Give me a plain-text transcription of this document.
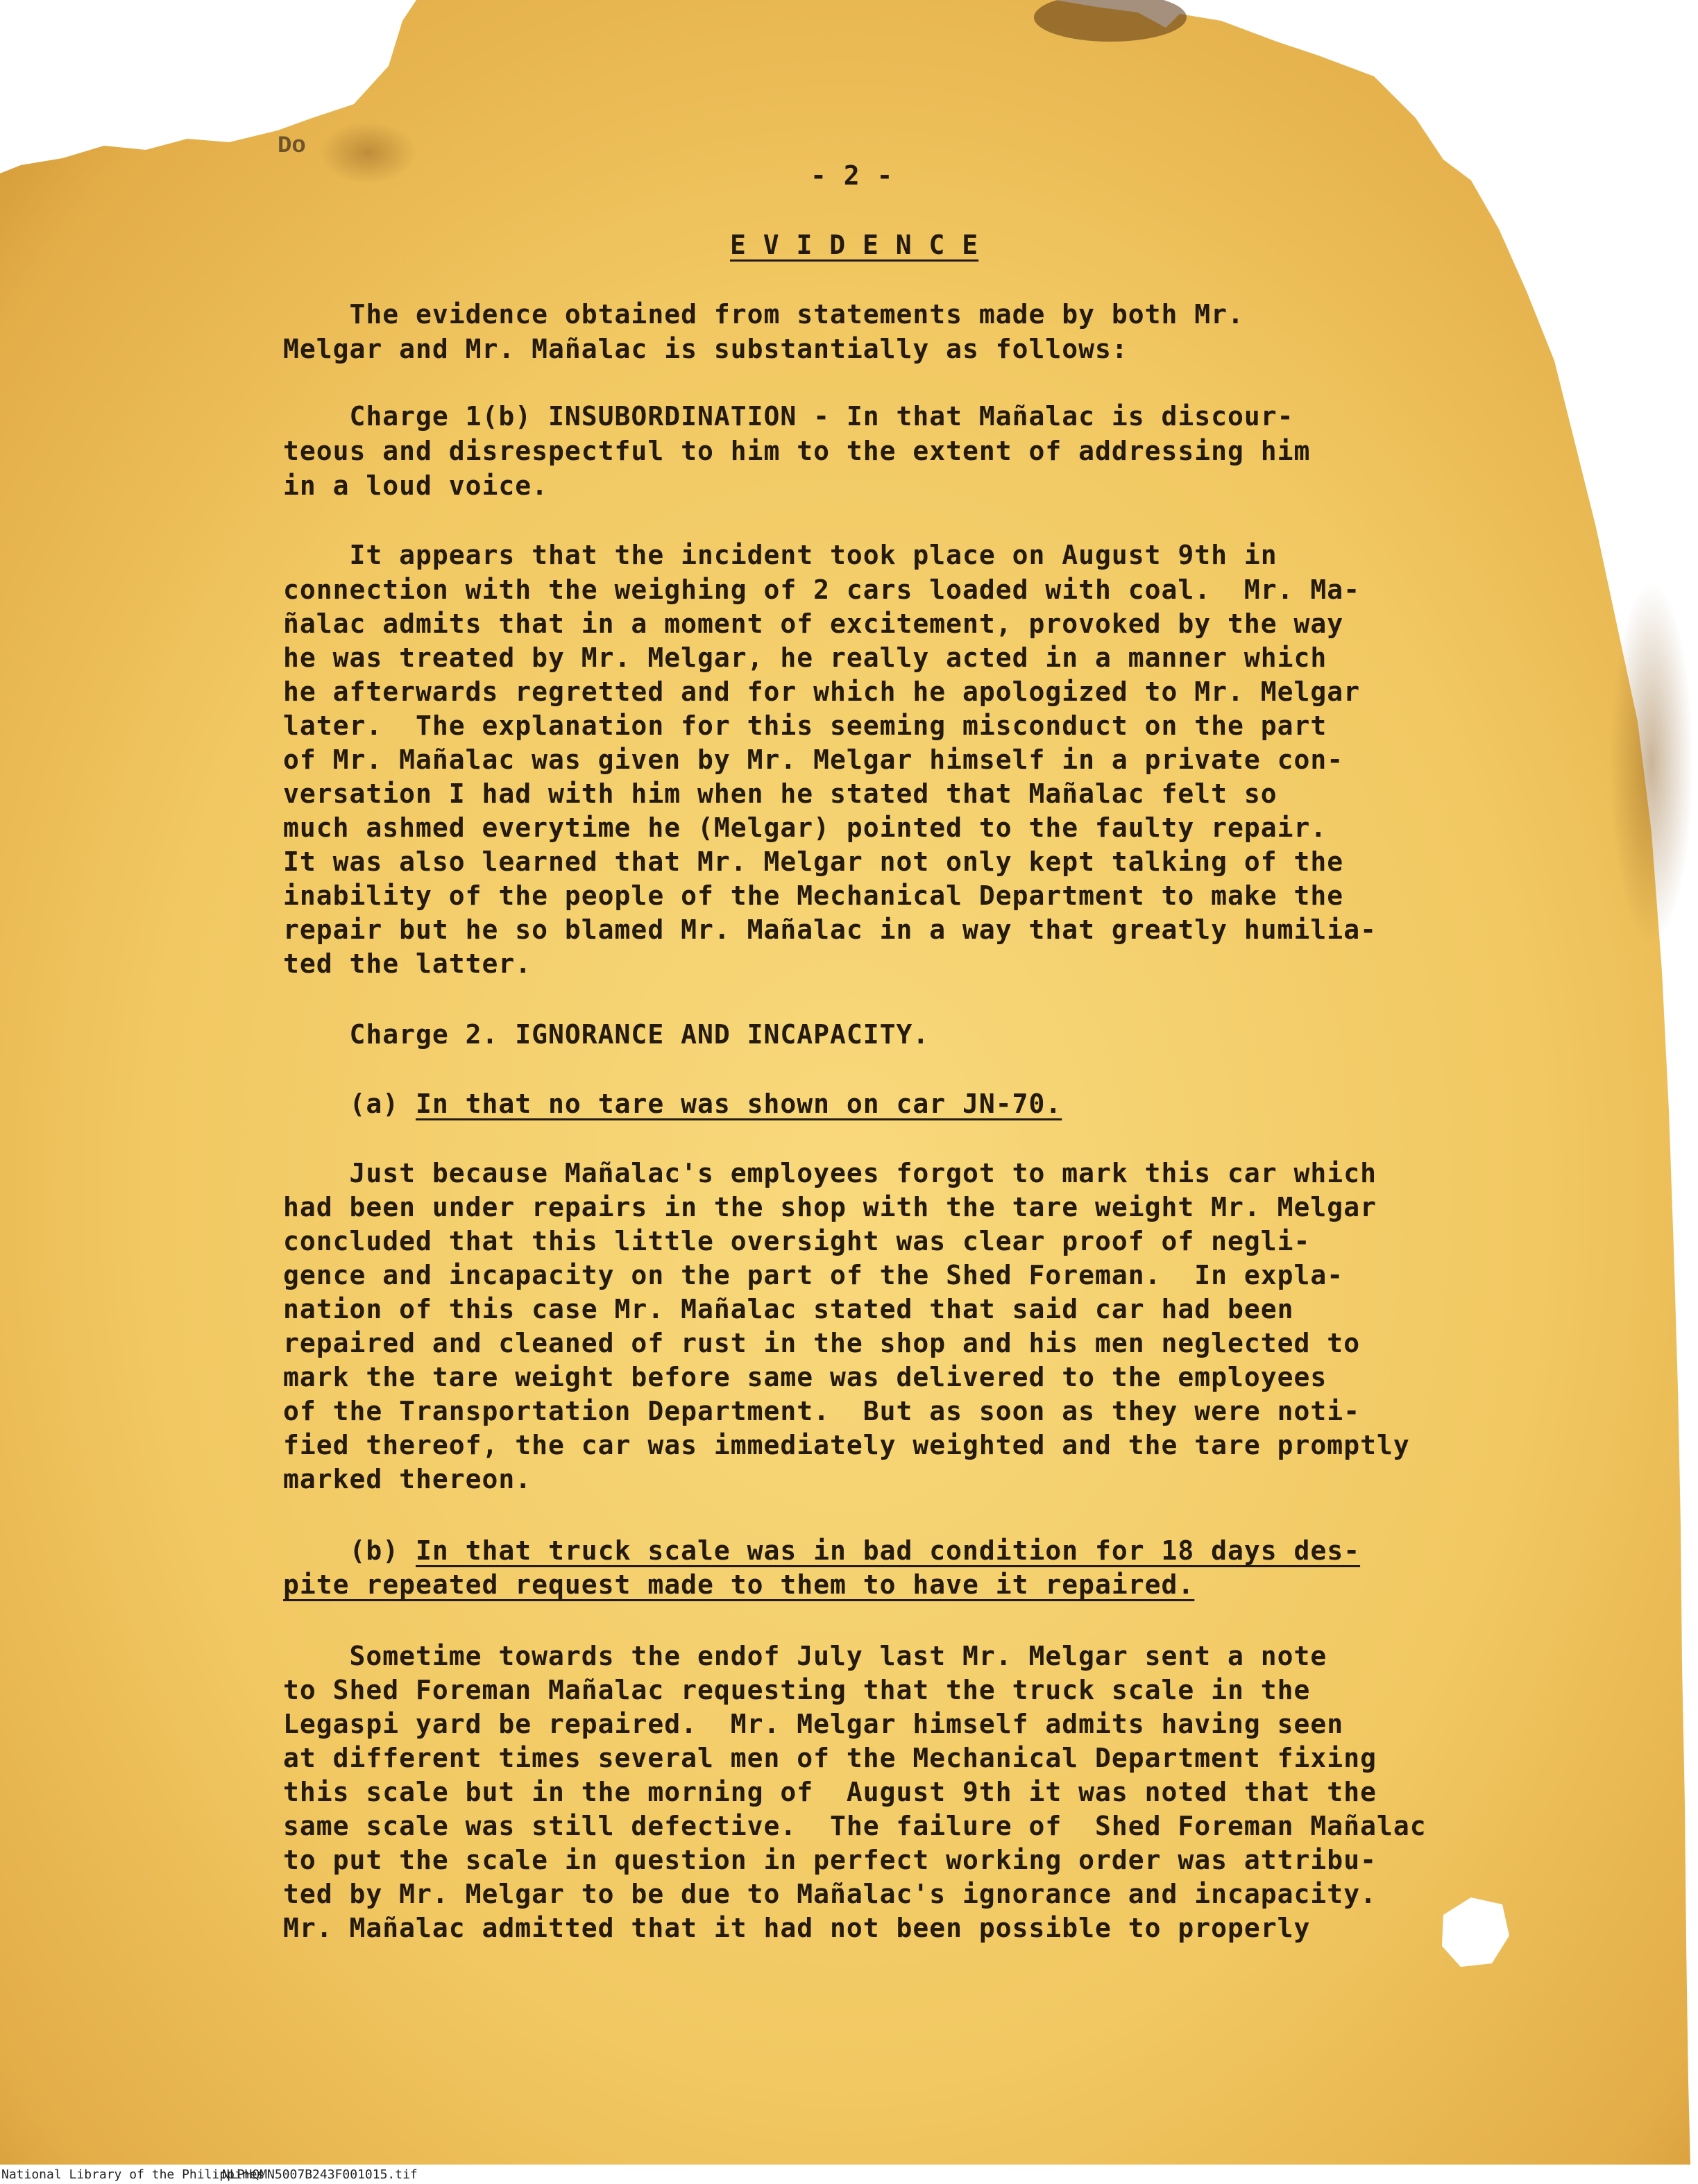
Do
- 2 -
E V I D E N C E
The evidence obtained from statements made by both Mr.
Melgar and Mr. Mañalac is substantially as follows:
Charge 1(b) INSUBORDINATION - In that Mañalac is discour-
teous and disrespectful to him to the extent of addressing him
in a loud voice.
It appears that the incident took place on August 9th in
connection with the weighing of 2 cars loaded with coal.  Mr. Ma-
ñalac admits that in a moment of excitement, provoked by the way
he was treated by Mr. Melgar, he really acted in a manner which
he afterwards regretted and for which he apologized to Mr. Melgar
later.  The explanation for this seeming misconduct on the part
of Mr. Mañalac was given by Mr. Melgar himself in a private con-
versation I had with him when he stated that Mañalac felt so
much ashmed everytime he (Melgar) pointed to the faulty repair.
It was also learned that Mr. Melgar not only kept talking of the
inability of the people of the Mechanical Department to make the
repair but he so blamed Mr. Mañalac in a way that greatly humilia-
ted the latter.
Charge 2. IGNORANCE AND INCAPACITY.
(a) In that no tare was shown on car JN-70.
Just because Mañalac's employees forgot to mark this car which
had been under repairs in the shop with the tare weight Mr. Melgar
concluded that this little oversight was clear proof of negli-
gence and incapacity on the part of the Shed Foreman.  In expla-
nation of this case Mr. Mañalac stated that said car had been
repaired and cleaned of rust in the shop and his men neglected to
mark the tare weight before same was delivered to the employees
of the Transportation Department.  But as soon as they were noti-
fied thereof, the car was immediately weighted and the tare promptly
marked thereon.
(b) In that truck scale was in bad condition for 18 days des-
pite repeated request made to them to have it repaired.
Sometime towards the endof July last Mr. Melgar sent a note
to Shed Foreman Mañalac requesting that the truck scale in the
Legaspi yard be repaired.  Mr. Melgar himself admits having seen
at different times several men of the Mechanical Department fixing
this scale but in the morning of  August 9th it was noted that the
same scale was still defective.  The failure of  Shed Foreman Mañalac
to put the scale in question in perfect working order was attribu-
ted by Mr. Melgar to be due to Mañalac's ignorance and incapacity.
Mr. Mañalac admitted that it had not been possible to properly
National Library of the Philippines
NLPHQMN5007B243F001015.tif
